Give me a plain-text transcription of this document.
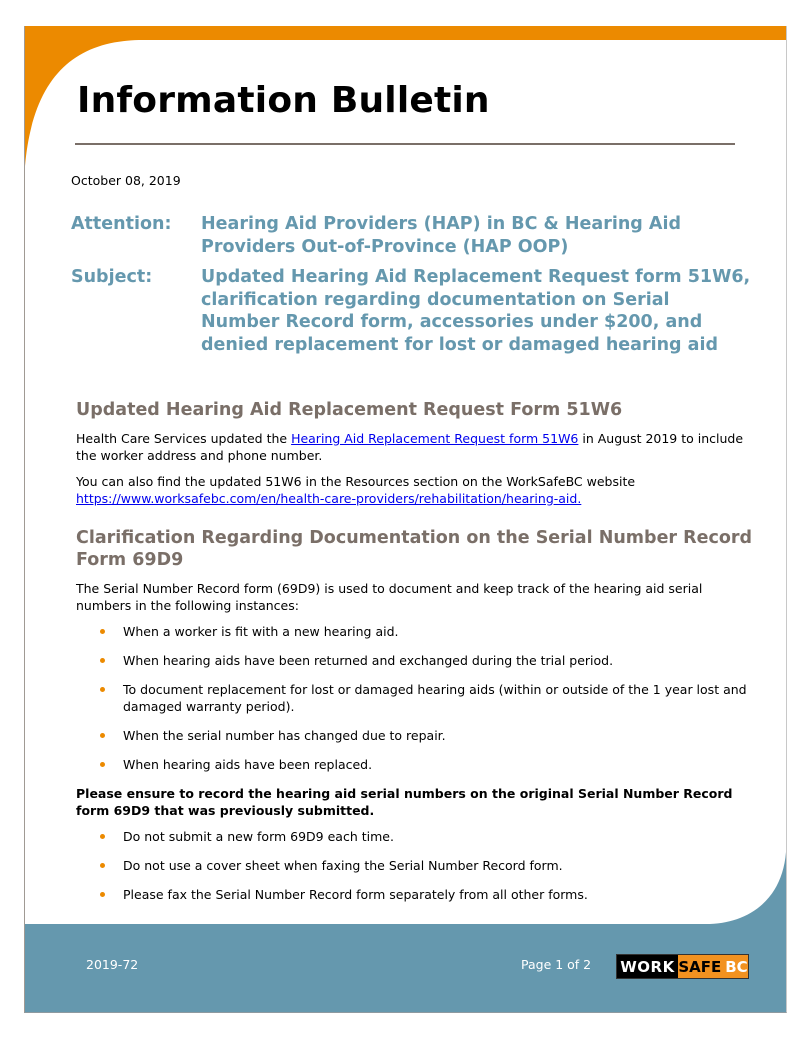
Information Bulletin
October 08, 2019
Attention:	Hearing Aid Providers (HAP) in BC & Hearing Aid Providers Out-of-Province (HAP OOP)
Subject:	Updated Hearing Aid Replacement Request form 51W6, clarification regarding documentation on Serial Number Record form, accessories under $200, and denied replacement for lost or damaged hearing aid
Updated Hearing Aid Replacement Request Form 51W6

Health Care Services updated the Hearing Aid Replacement Request form 51W6 in August 2019 to include the worker address and phone number.

You can also find the updated 51W6 in the Resources section on the WorkSafeBC website https://www.worksafebc.com/en/health-care-providers/rehabilitation/hearing-aid.

Clarification Regarding Documentation on the Serial Number Record Form 69D9

The Serial Number Record form (69D9) is used to document and keep track of the hearing aid serial numbers in the following instances:

When a worker is fit with a new hearing aid.
When hearing aids have been returned and exchanged during the trial period.
To document replacement for lost or damaged hearing aids (within or outside of the 1 year lost and damaged warranty period).
When the serial number has changed due to repair.
When hearing aids have been replaced.

Please ensure to record the hearing aid serial numbers on the original Serial Number Record form 69D9 that was previously submitted.

Do not submit a new form 69D9 each time.
Do not use a cover sheet when faxing the Serial Number Record form.
Please fax the Serial Number Record form separately from all other forms.
2019-72	Page 1 of 2 WORK SAFE BC
